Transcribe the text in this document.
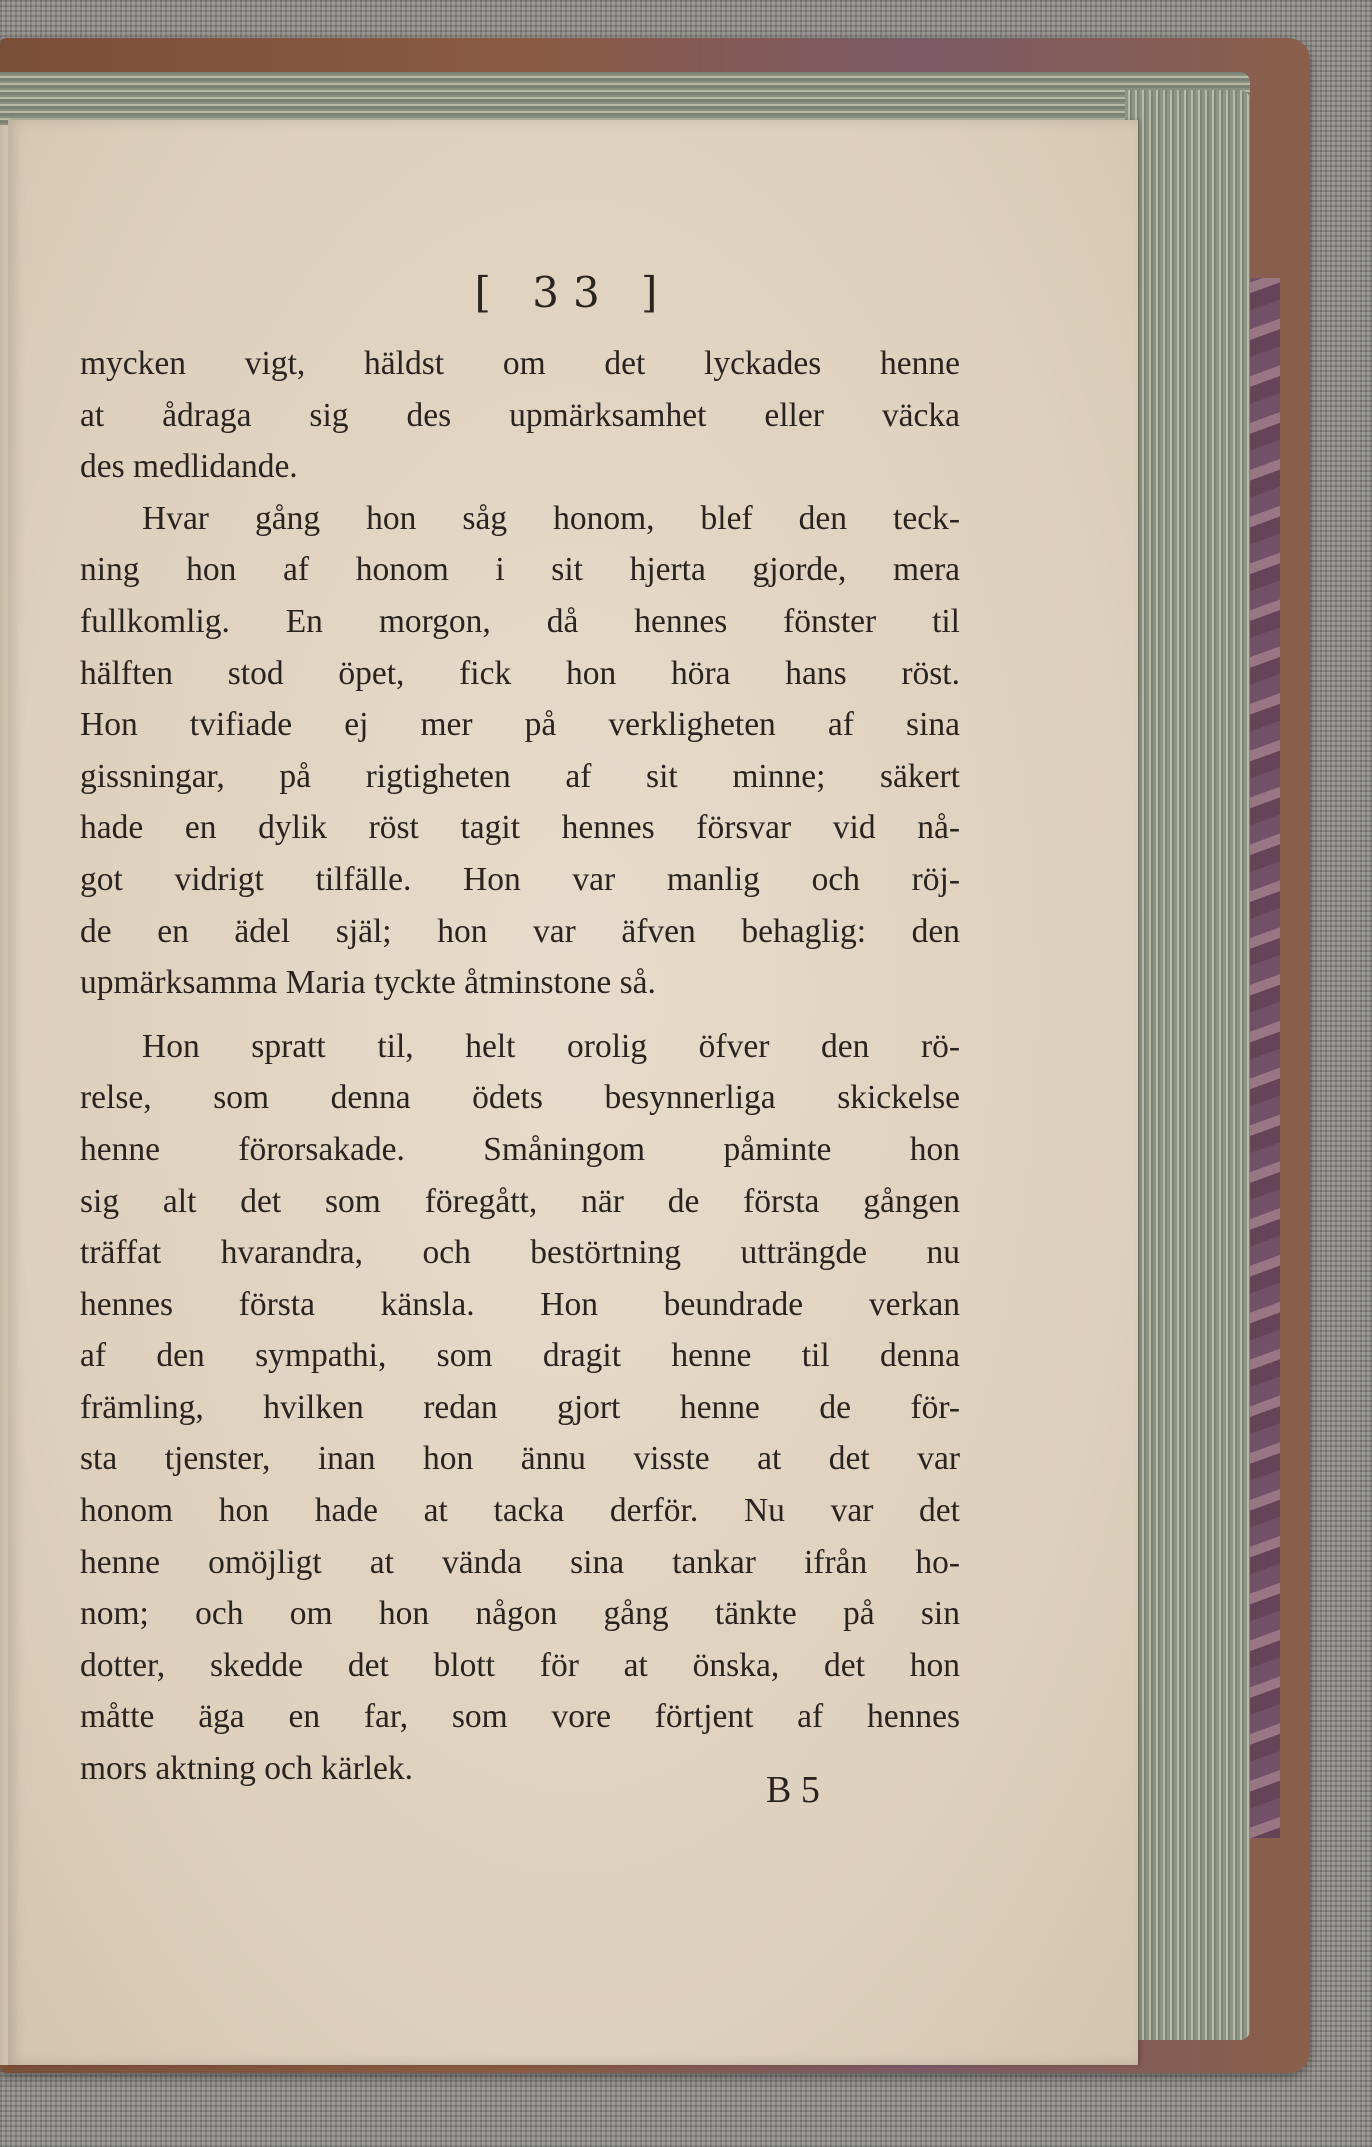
[ 33 ]
mycken vigt, häldst om det lyckades henne
at ådraga sig des upmärksamhet eller väcka
des medlidande.
Hvar gång hon såg honom, blef den teck-
ning hon af honom i sit hjerta gjorde, mera
fullkomlig. En morgon, då hennes fönster til
hälften stod öpet, fick hon höra hans röst.
Hon tvifiade ej mer på verkligheten af sina
gissningar, på rigtigheten af sit minne; säkert
hade en dylik röst tagit hennes försvar vid nå-
got vidrigt tilfälle. Hon var manlig och röj-
de en ädel själ; hon var äfven behaglig: den
upmärksamma Maria tyckte åtminstone så.
Hon spratt til, helt orolig öfver den rö-
relse, som denna ödets besynnerliga skickelse
henne förorsakade. Småningom påminte hon
sig alt det som föregått, när de första gången
träffat hvarandra, och bestörtning utträngde nu
hennes första känsla. Hon beundrade verkan
af den sympathi, som dragit henne til denna
främling, hvilken redan gjort henne de för-
sta tjenster, inan hon ännu visste at det var
honom hon hade at tacka derför. Nu var det
henne omöjligt at vända sina tankar ifrån ho-
nom; och om hon någon gång tänkte på sin
dotter, skedde det blott för at önska, det hon
måtte äga en far, som vore förtjent af hennes
mors aktning och kärlek.
B 5
